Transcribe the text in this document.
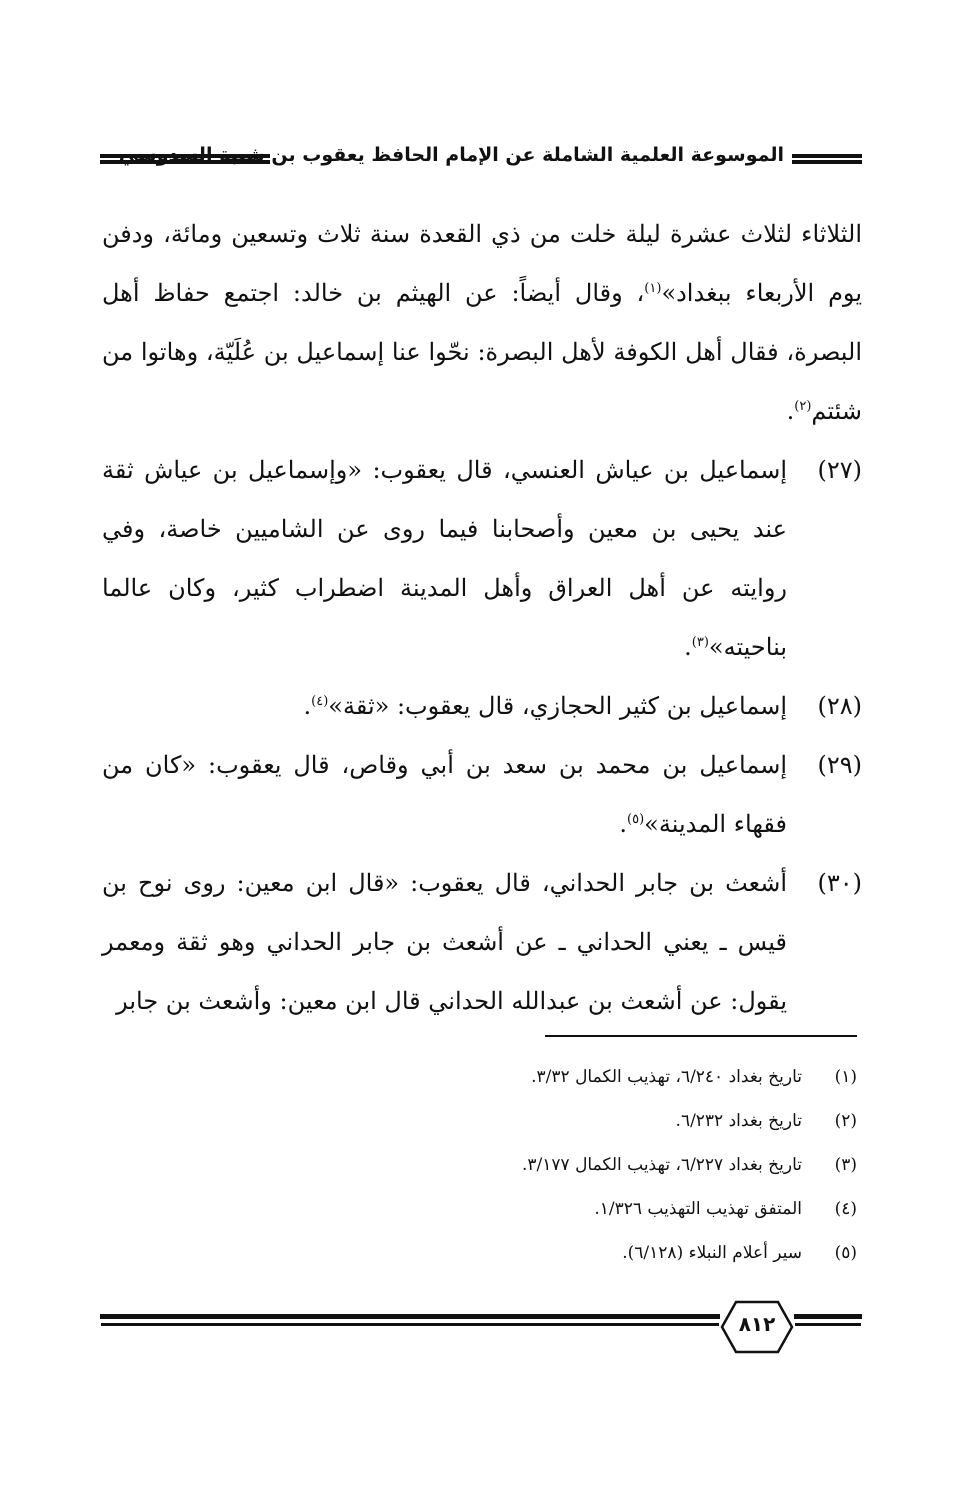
الموسوعة العلمية الشاملة عن الإمام الحافظ يعقوب بن شيبة السدوسي

الثلاثاء لثلاث عشرة ليلة خلت من ذي القعدة سنة ثلاث وتسعين ومائة، ودفن يوم الأربعاء ببغداد»$^{(١)}$، وقال أيضاً: عن الهيثم بن خالد: اجتمع حفاظ أهل البصرة، فقال أهل الكوفة لأهل البصرة: نحّوا عنا إسماعيل بن عُلَيّة، وهاتوا من شئتم$^{(٢)}$.

(٢٧)
إسماعيل بن عياش العنسي، قال يعقوب: «وإسماعيل بن عياش ثقة عند يحيى بن معين وأصحابنا فيما روى عن الشاميين خاصة، وفي روايته عن أهل العراق وأهل المدينة اضطراب كثير، وكان عالما بناحيته»$^{(٣)}$.
(٢٨)
إسماعيل بن كثير الحجازي، قال يعقوب: «ثقة»$^{(٤)}$.
(٢٩)
إسماعيل بن محمد بن سعد بن أبي وقاص، قال يعقوب: «كان من فقهاء المدينة»$^{(٥)}$.
(٣٠)
أشعث بن جابر الحداني، قال يعقوب: «قال ابن معين: روى نوح بن قيس ـ يعني الحداني ـ عن أشعث بن جابر الحداني وهو ثقة ومعمر يقول: عن أشعث بن عبدالله الحداني قال ابن معين: وأشعث بن جابر
(١)
تاريخ بغداد ٦/٢٤٠، تهذيب الكمال ٣/٣٢.
(٢)
تاريخ بغداد ٦/٢٣٢.
(٣)
تاريخ بغداد ٦/٢٢٧، تهذيب الكمال ٣/١٧٧.
(٤)
المتفق تهذيب التهذيب ١/٣٢٦.
(٥)
سير أعلام النبلاء (٦/١٢٨).
٨١٢
